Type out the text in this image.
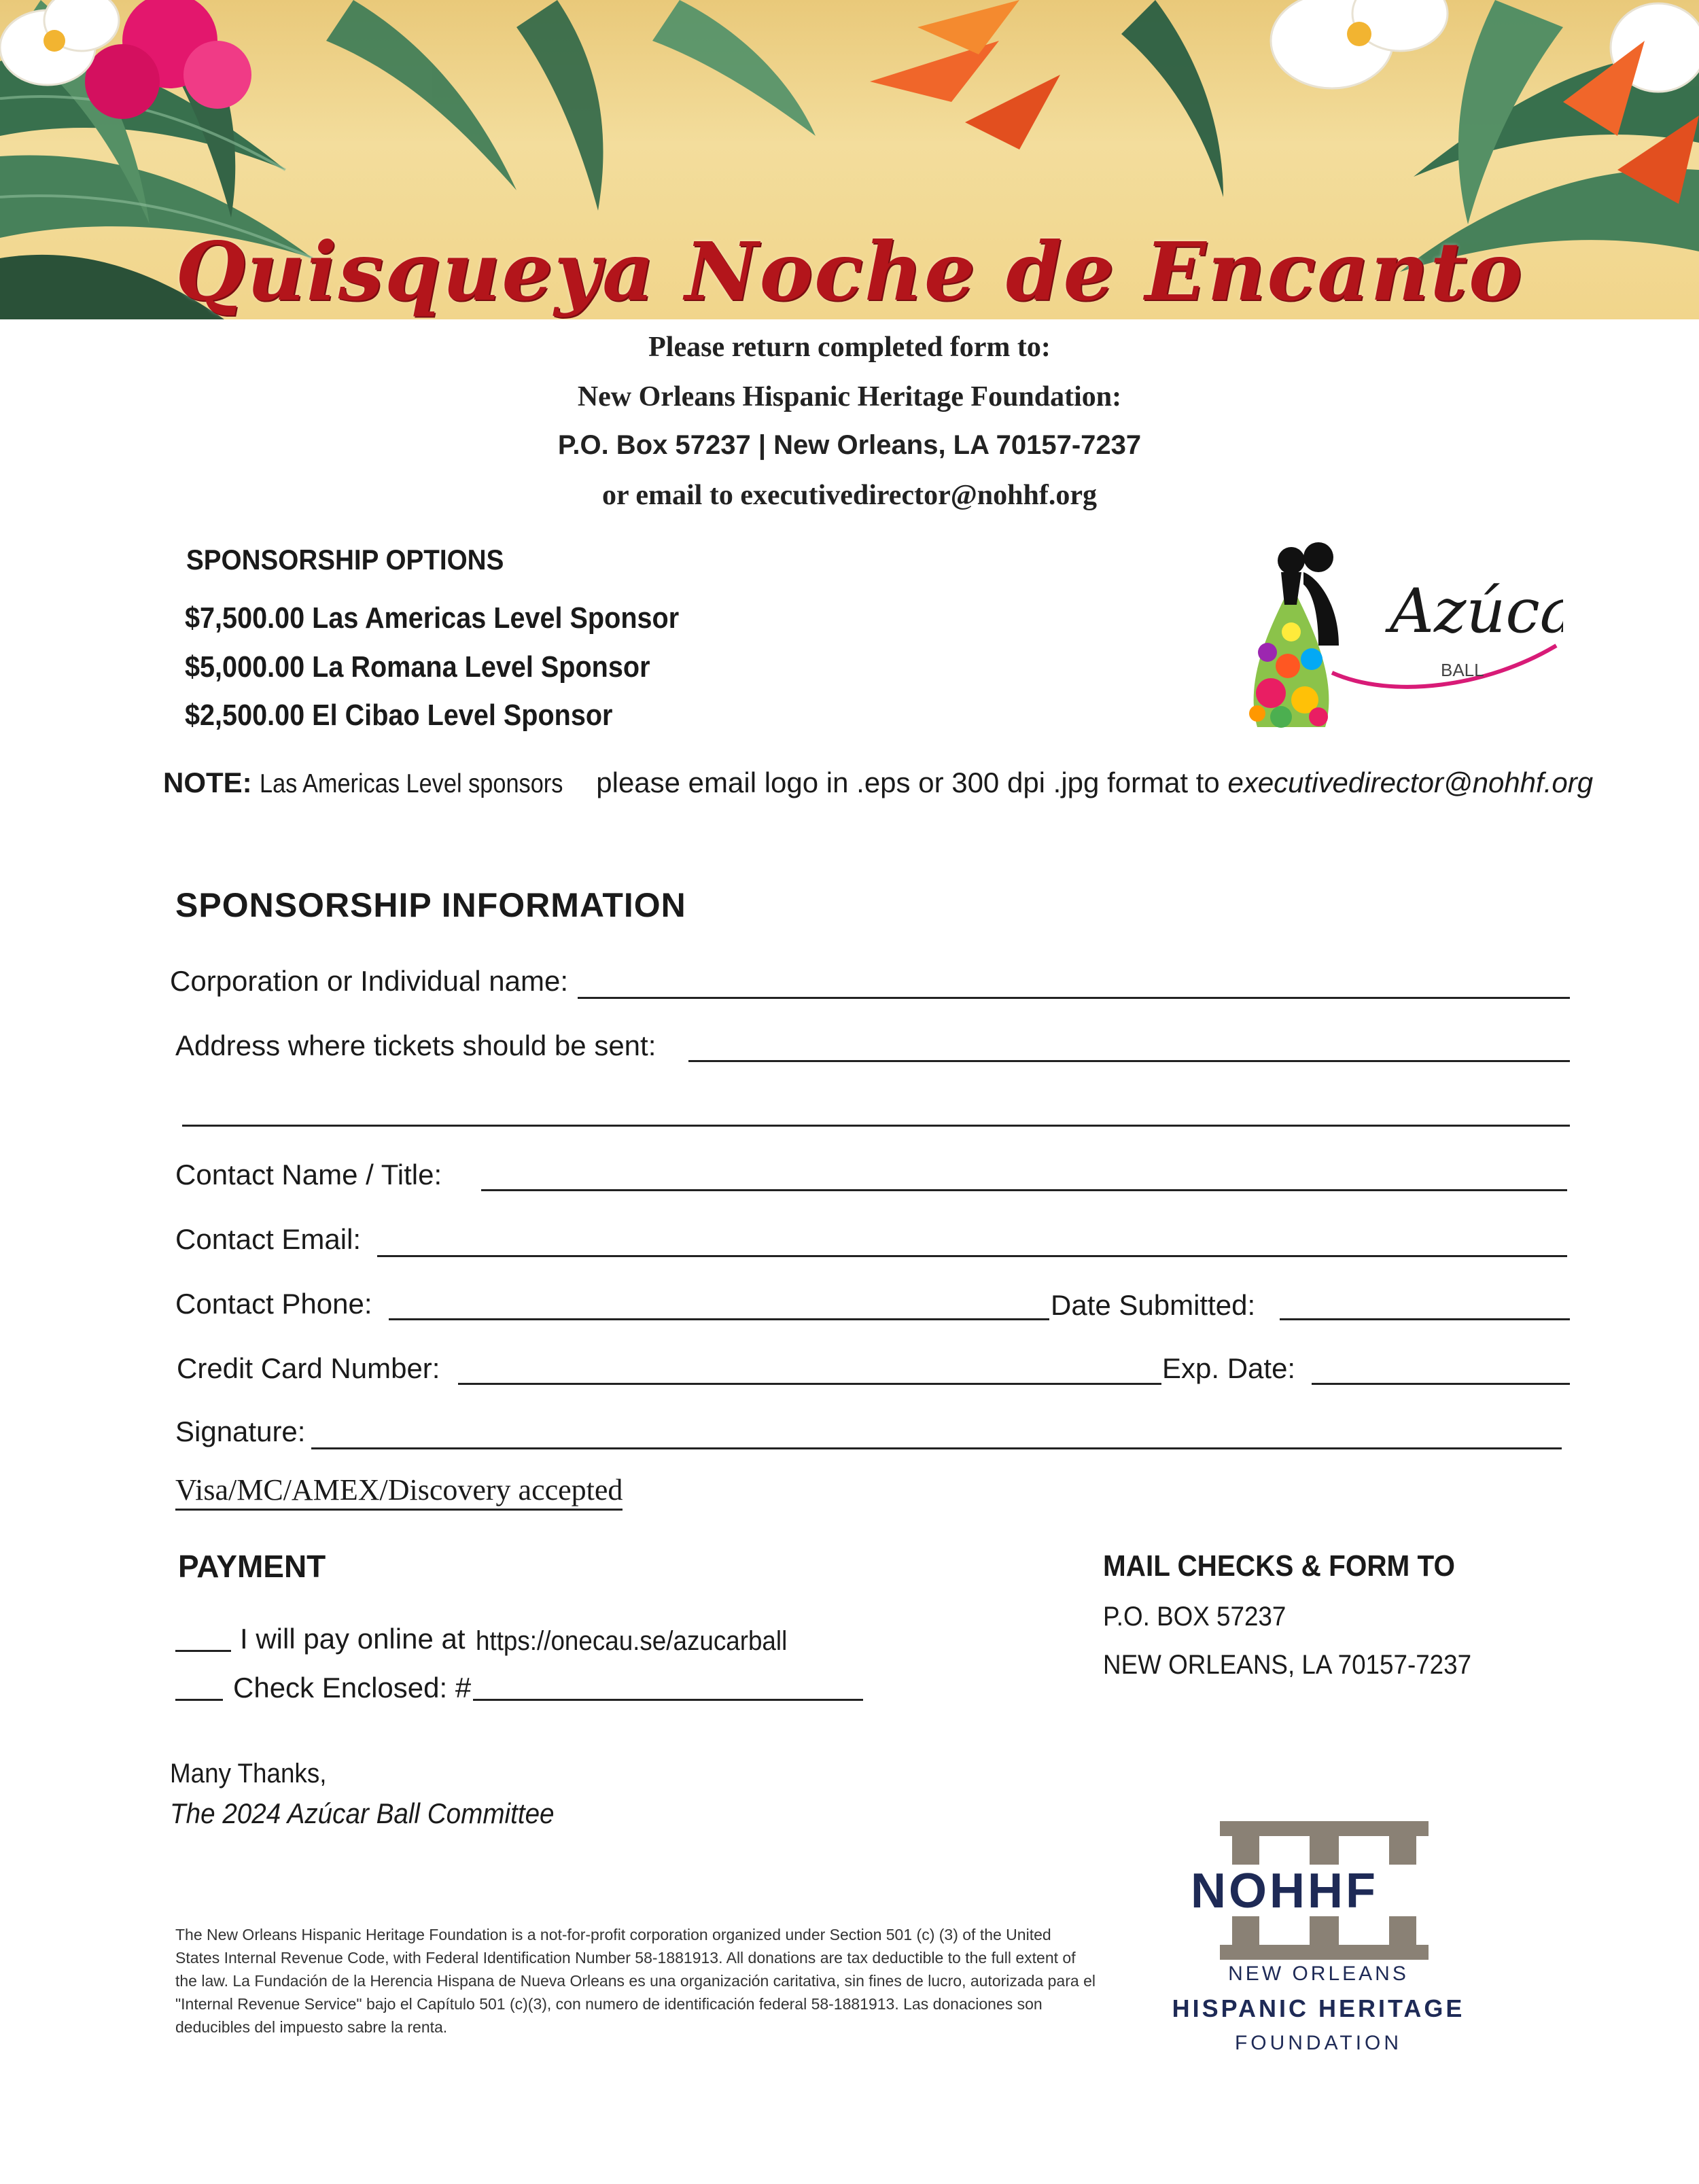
Quisqueya Noche de Encanto
Please return completed form to:
New Orleans Hispanic Heritage Foundation:
P.O. Box 57237 | New Orleans, LA 70157-7237
or email to executivedirector@nohhf.org
SPONSORSHIP OPTIONS
$7,500.00 Las Americas Level Sponsor
$5,000.00 La Romana Level Sponsor
$2,500.00 El Cibao Level Sponsor
Azúc
BALL
NOTE: Las Americas Level sponsors please email logo in .eps or 300 dpi .jpg format to executivedirector@nohhf.org
SPONSORSHIP INFORMATION
Corporation or Individual name:
Address where tickets should be sent:
Contact Name / Title:
Contact Email:
Contact Phone:	Date Submitted:
Credit Card Number:	Exp. Date:
Signature:
Visa/MC/AMEX/Discovery accepted
PAYMENT
I will pay online at https://onecau.se/azucarball
Check Enclosed: #
MAIL CHECKS & FORM TO
P.O. BOX 57237
NEW ORLEANS, LA 70157-7237
Many Thanks,
The 2024 Azúcar Ball Committee
The New Orleans Hispanic Heritage Foundation is a not-for-profit corporation organized under Section 501 (c) (3) of the United States Internal Revenue Code, with Federal Identification Number 58-1881913. All donations are tax deductible to the full extent of the law. La Fundación de la Herencia Hispana de Nueva Orleans es una organización caritativa, sin fines de lucro, autorizada para el "Internal Revenue Service" bajo el Capítulo 501 (c)(3), con numero de identificación federal 58-1881913. Las donaciones son deducibles del impuesto sabre la renta.
NOHHF
NEW ORLEANS
HISPANIC HERITAGE
FOUNDATION
